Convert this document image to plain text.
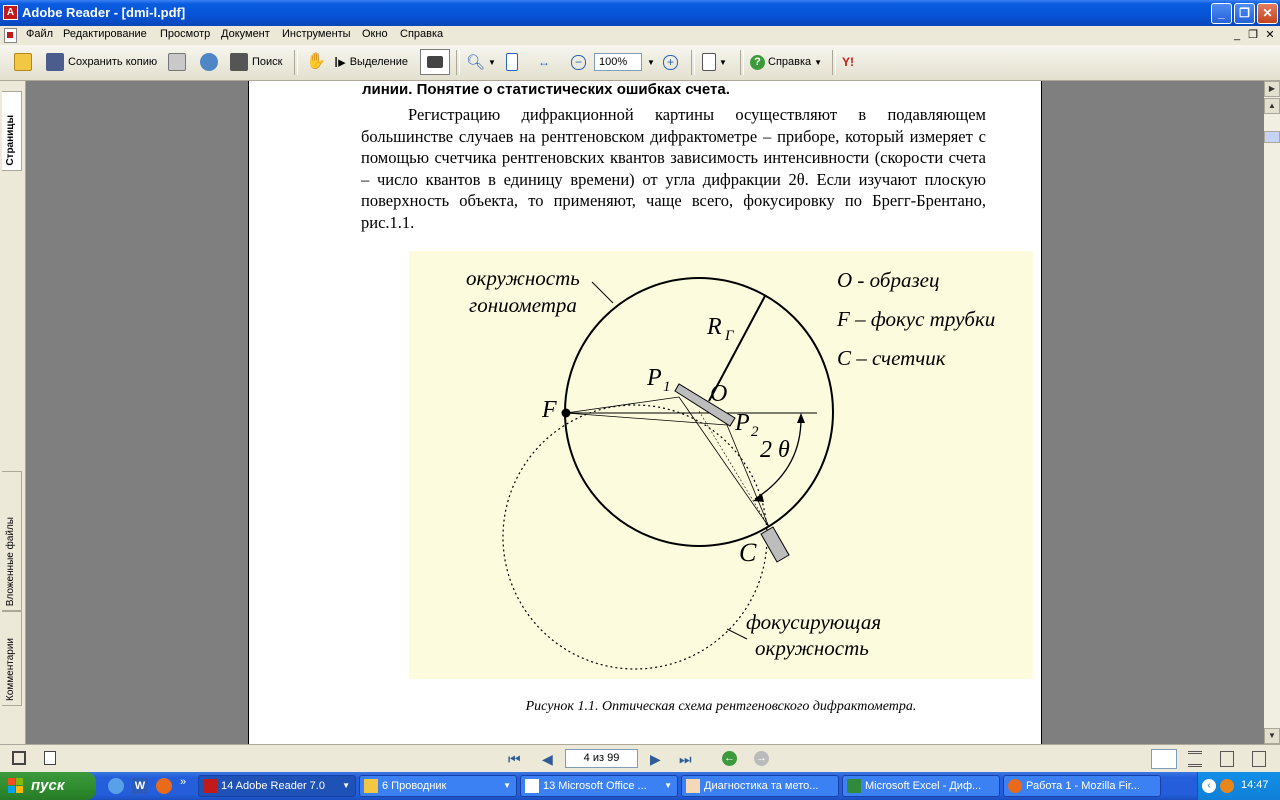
A Adobe Reader - [dmi-l.pdf]	_	❐	✕
Файл Редактирование Просмотр Документ Инструменты Окно Справка	_ ❐ ✕
Сохранить копию	Поиск ✋ I▸ Выделение	🔍︎ ▼	↔	−	100%	▼	+	▼	? Справка ▼ Y!
Страницы
Вложенные файлы
Комментарии
линии. Понятие о статистических ошибках счета.
Регистрацию дифракционной картины осуществляют в подавляющем большинстве случаев на рентгеновском дифрактометре – приборе, который измеряет с помощью счетчика рентгеновских квантов зависимость интенсивности (скорости счета – число квантов в единицу времени) от угла дифракции 2θ. Если изучают плоскую поверхность объекта, то применяют, чаще всего, фокусировку по Брегг-Брентано, рис.1.1.
окружность
гониометра
O - образец
F – фокус трубки
C – счетчик
R Г
P 1 O
P 2
F
2 θ
C
фокусирующая
окружность
Рисунок 1.1. Оптическая схема рентгеновского дифрактометра.
▶
▲
▼
⏮ ◀	4 из 99	▶ ⏭	← →
пуск	W	»	14 Adobe Reader 7.0 ▼	6 Проводник	▼	13 Microsoft Office ... ▼	Диагностика та мето...	Microsoft Excel - Диф...	Работа 1 - Mozilla Fir...	‹	14:47
